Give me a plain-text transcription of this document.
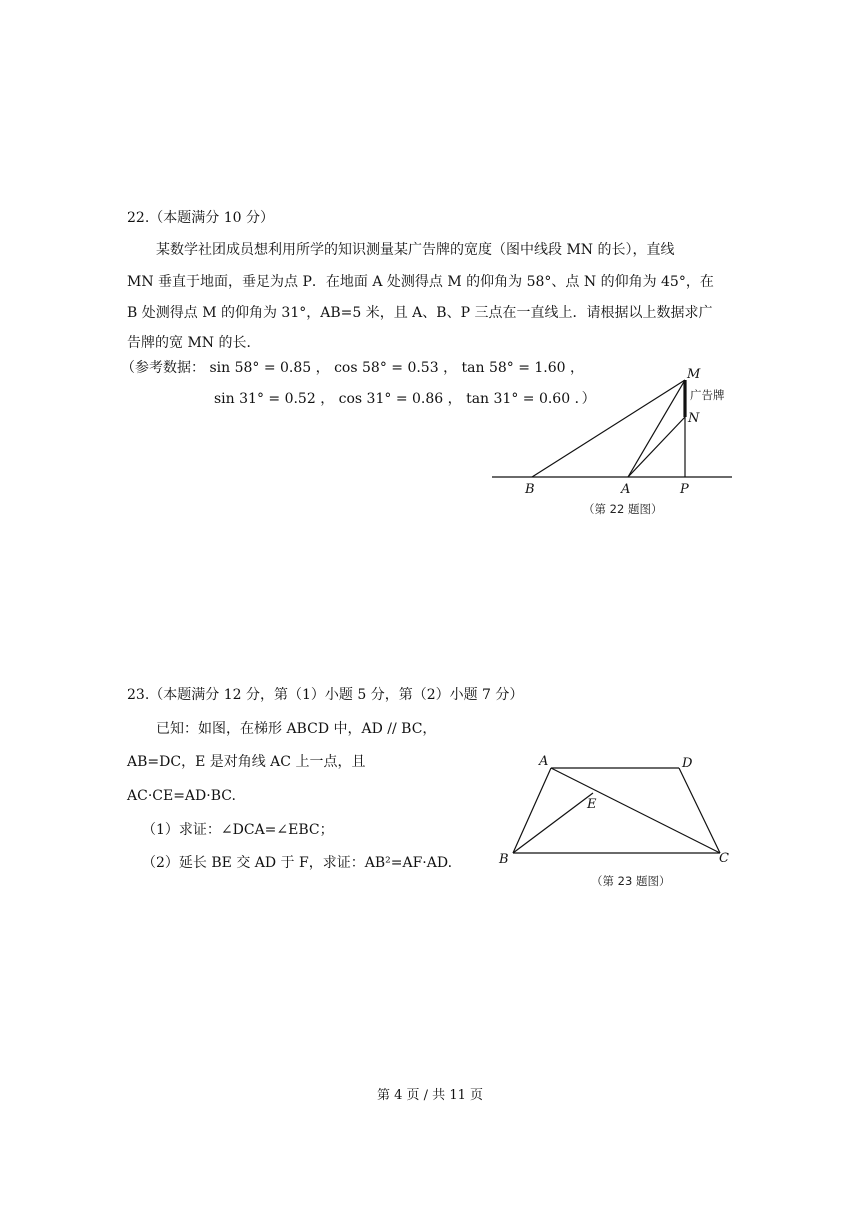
22.（本题满分 10 分）
某数学社团成员想利用所学的知识测量某广告牌的宽度（图中线段 MN 的长），直线
MN 垂直于地面，垂足为点 P．在地面 A 处测得点 M 的仰角为 58°、点 N 的仰角为 45°，在
B 处测得点 M 的仰角为 31°，AB=5 米，且 A、B、P 三点在一直线上．请根据以上数据求广
告牌的宽 MN 的长．
（参考数据： sin 58° = 0.85 ， cos 58° = 0.53 ， tan 58° = 1.60 ，
sin 31° = 0.52 ， cos 31° = 0.86 ， tan 31° = 0.60 ．）
M
广告牌
N
B	A	P
（第 22 题图）
23.（本题满分 12 分，第（1）小题 5 分，第（2）小题 7 分）
已知：如图，在梯形 ABCD 中，AD // BC，
AB=DC，E 是对角线 AC 上一点，且
AC·CE=AD·BC.
（1）求证：∠DCA=∠EBC；
（2）延长 BE 交 AD 于 F，求证：AB²=AF·AD.
A	D
E
B	C
（第 23 题图）
第 4 页 / 共 11 页
